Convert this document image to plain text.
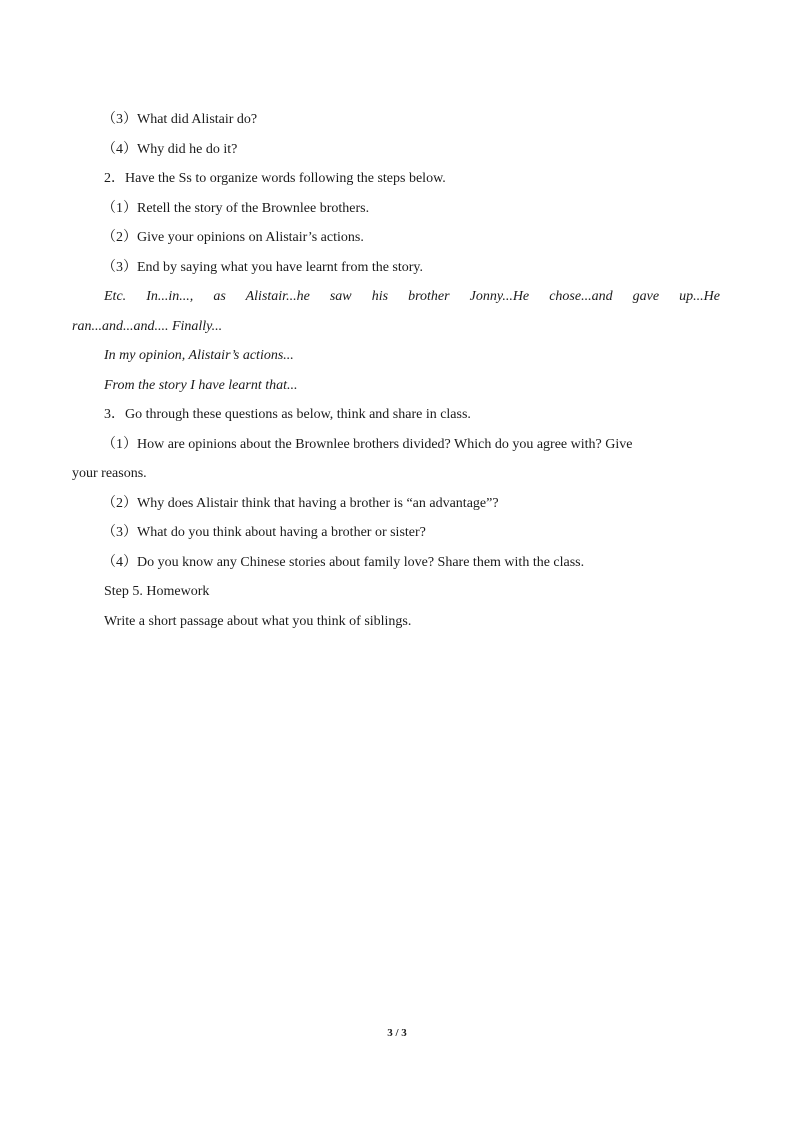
（3）What did Alistair do?

（4）Why did he do it?

2．Have the Ss to organize words following the steps below.

（1）Retell the story of the Brownlee brothers.

（2）Give your opinions on Alistair’s actions.

（3）End by saying what you have learnt from the story.

Etc. In...in..., as Alistair...he saw his brother Jonny...He chose...and gave up...He

ran...and...and.... Finally...

In my opinion, Alistair’s actions...

From the story I have learnt that...

3．Go through these questions as below, think and share in class.

（1）How are opinions about the Brownlee brothers divided? Which do you agree with? Give

your reasons.

（2）Why does Alistair think that having a brother is “an advantage”?

（3）What do you think about having a brother or sister?

（4）Do you know any Chinese stories about family love? Share them with the class.

Step 5. Homework

Write a short passage about what you think of siblings.

3 / 3
